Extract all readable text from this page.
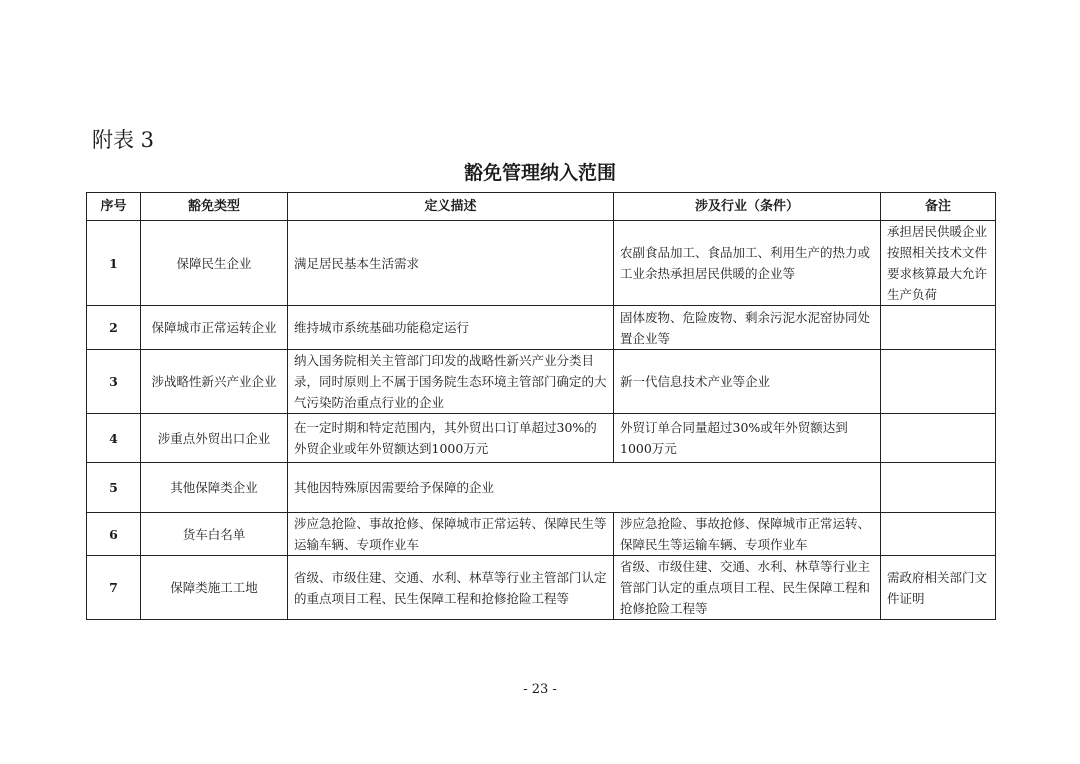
附表 3
豁免管理纳入范围
序号	豁免类型	定义描述	涉及行业（条件）	备注
1	保障民生企业	满足居民基本生活需求	农副食品加工、食品加工、利用生产的热力或工业余热承担居民供暖的企业等	承担居民供暖企业按照相关技术文件要求核算最大允许生产负荷
2	保障城市正常运转企业	维持城市系统基础功能稳定运行	固体废物、危险废物、剩余污泥水泥窑协同处置企业等	
3	涉战略性新兴产业企业	纳入国务院相关主管部门印发的战略性新兴产业分类目录，同时原则上不属于国务院生态环境主管部门确定的大气污染防治重点行业的企业	新一代信息技术产业等企业	
4	涉重点外贸出口企业	在一定时期和特定范围内，其外贸出口订单超过30%的外贸企业或年外贸额达到1000万元	外贸订单合同量超过30%或年外贸额达到1000万元	
5	其他保障类企业	其他因特殊原因需要给予保障的企业		
6	货车白名单	涉应急抢险、事故抢修、保障城市正常运转、保障民生等运输车辆、专项作业车	涉应急抢险、事故抢修、保障城市正常运转、保障民生等运输车辆、专项作业车	
7	保障类施工工地	省级、市级住建、交通、水利、林草等行业主管部门认定的重点项目工程、民生保障工程和抢修抢险工程等	省级、市级住建、交通、水利、林草等行业主管部门认定的重点项目工程、民生保障工程和抢修抢险工程等	需政府相关部门文件证明
- 23 -
